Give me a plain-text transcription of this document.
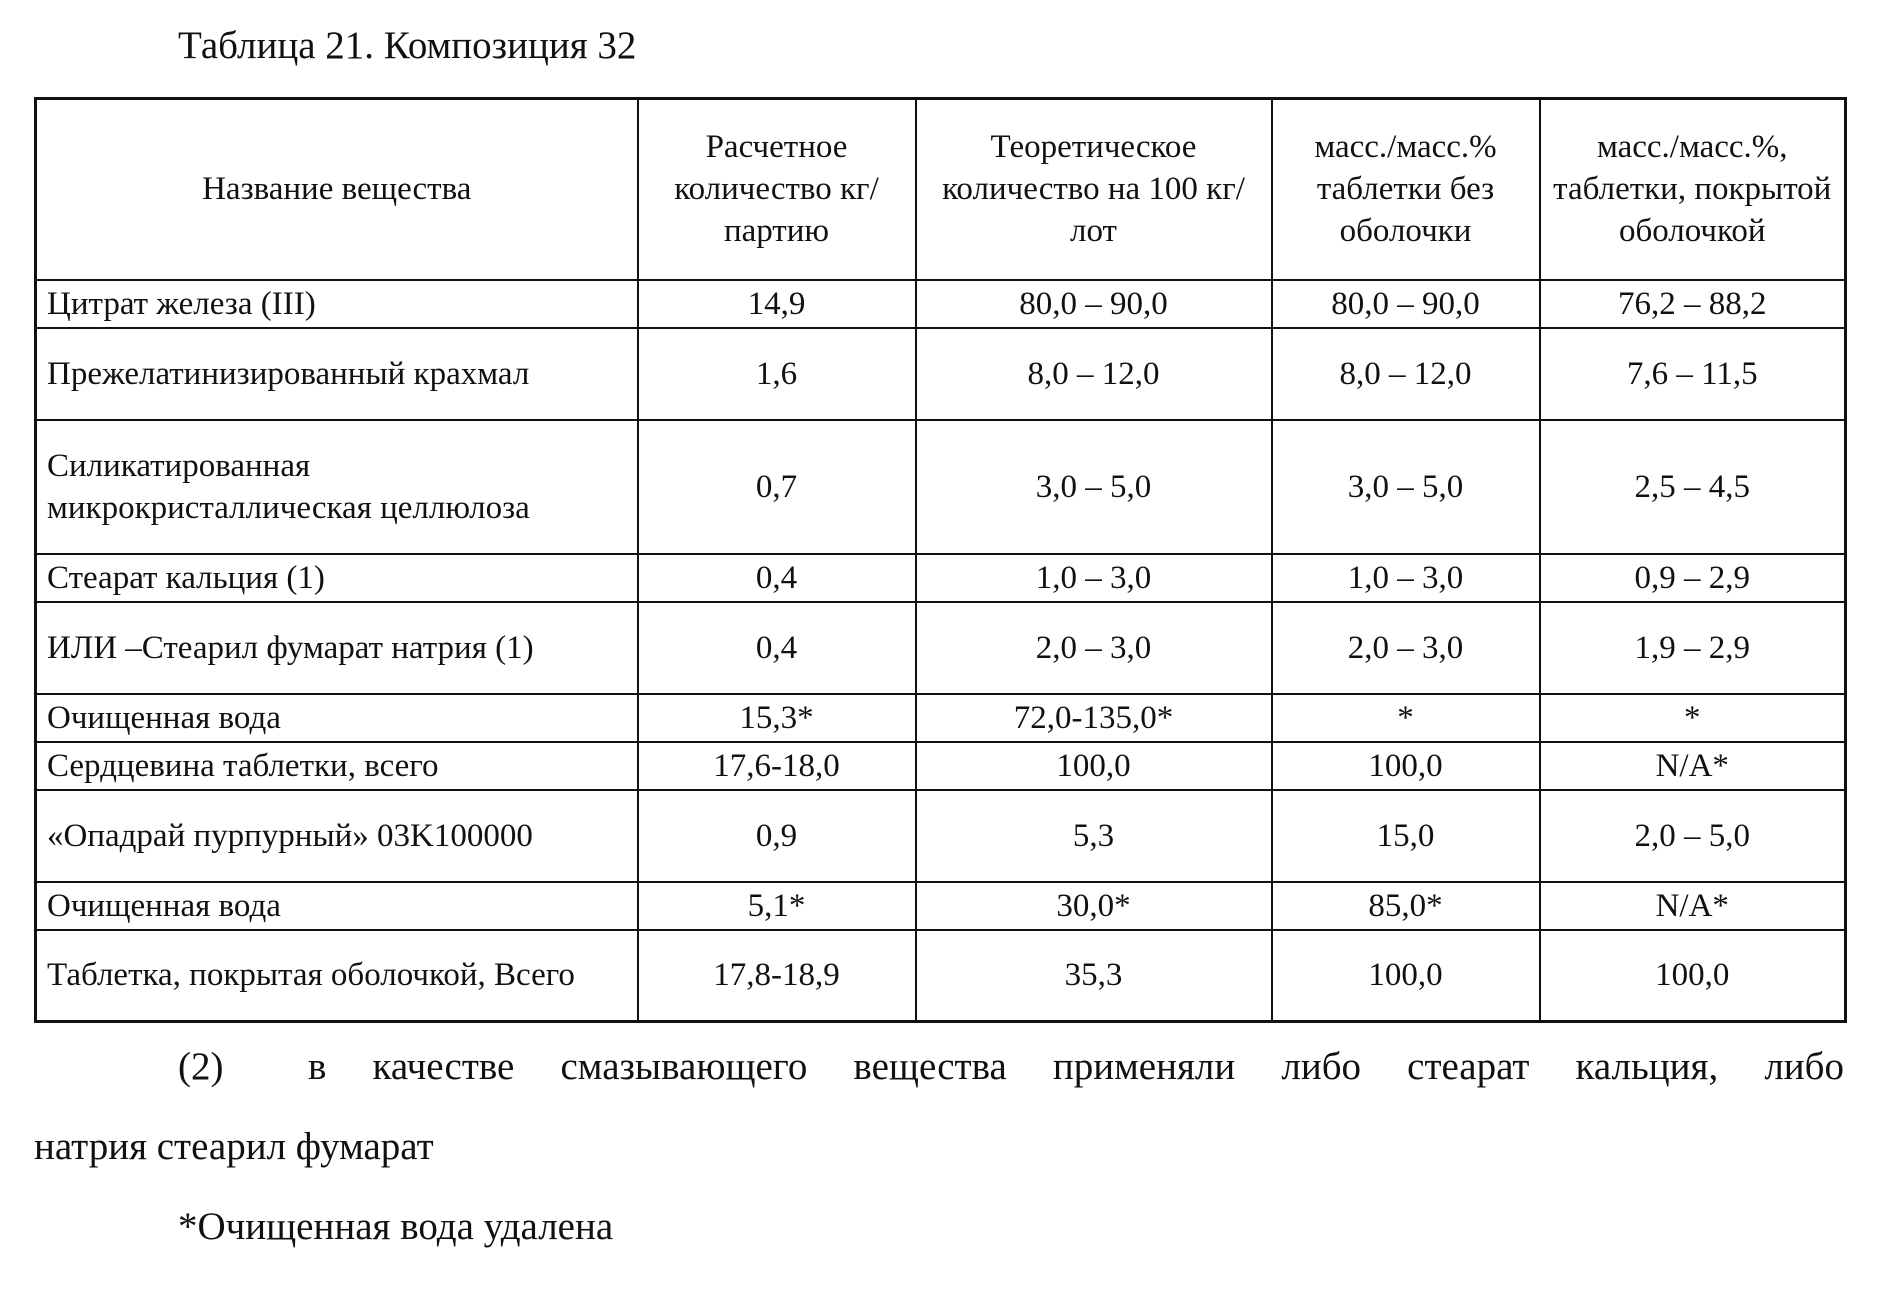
Таблица 21. Композиция 32
Название вещества	Расчетное количество кг/партию	Теоретическое количество на 100 кг/лот	масс./масс.% таблетки без оболочки	масс./масс.%, таблетки, покрытой оболочкой
Цитрат железа (III)	14,9	80,0 – 90,0	80,0 – 90,0	76,2 – 88,2
Прежелатинизированный крахмал	1,6	8,0 – 12,0	8,0 – 12,0	7,6 – 11,5
Силикатированная микрокристаллическая целлюлоза	0,7	3,0 – 5,0	3,0 – 5,0	2,5 – 4,5
Стеарат кальция (1)	0,4	1,0 – 3,0	1,0 – 3,0	0,9 – 2,9
ИЛИ –Стеарил фумарат натрия (1)	0,4	2,0 – 3,0	2,0 – 3,0	1,9 – 2,9
Очищенная вода	15,3*	72,0-135,0*	*	*
Сердцевина таблетки, всего	17,6-18,0	100,0	100,0	N/A*
«Опадрай пурпурный» 03K100000	0,9	5,3	15,0	2,0 – 5,0
Очищенная вода	5,1*	30,0*	85,0*	N/A*
Таблетка, покрытая оболочкой, Всего	17,8-18,9	35,3	100,0	100,0
(2)	в качестве смазывающего вещества применяли либо стеарат кальция, либо
натрия стеарил фумарат
*Очищенная вода удалена
